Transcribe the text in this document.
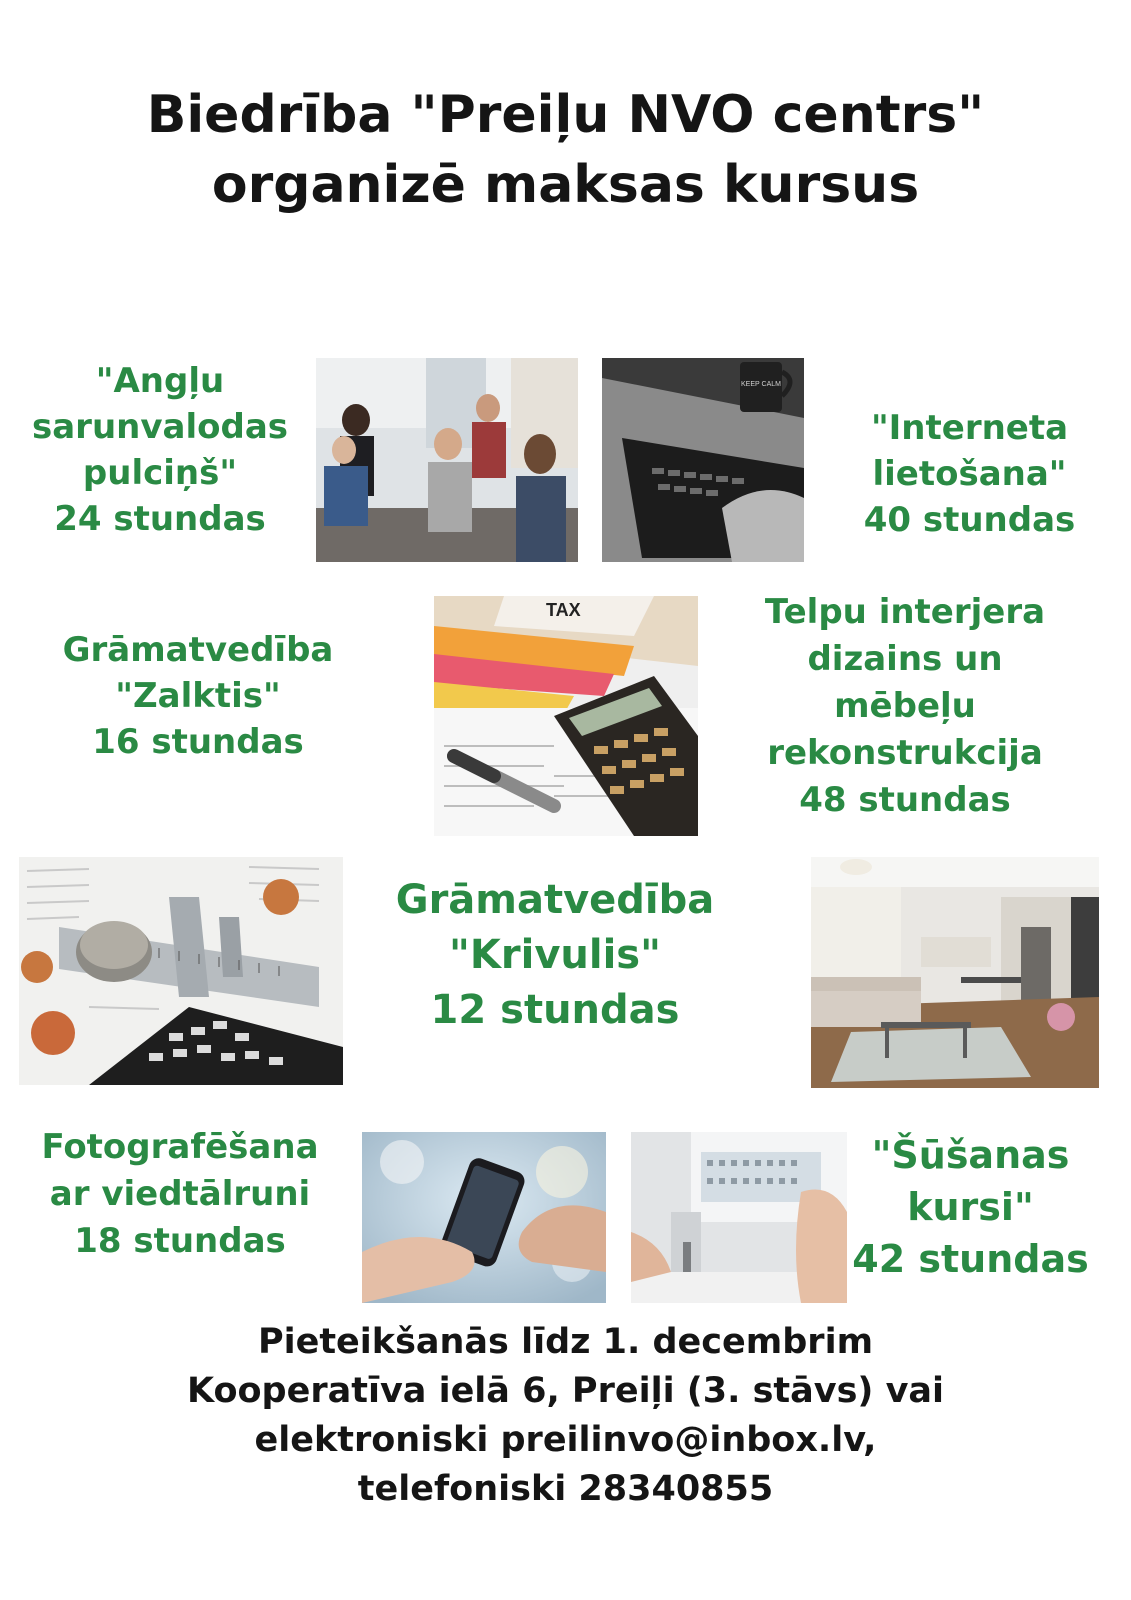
Biedrība "Preiļu NVO centrs"
organizē maksas kursus
"Angļu
sarunvalodas
pulciņš"
24 stundas
KEEP CALM
"Interneta
lietošana"
40 stundas
Grāmatvedība
"Zalktis"
16 stundas
TAX	Telpu interjera
dizains un
mēbeļu
rekonstrukcija
48 stundas
Grāmatvedība
"Krivulis"
12 stundas
Fotografēšana
ar viedtālruni
18 stundas
"Šūšanas
kursi"
42 stundas
Pieteikšanās līdz 1. decembrim
Kooperatīva ielā 6, Preiļi (3. stāvs) vai
elektroniski preilinvo@inbox.lv,
telefoniski 28340855
